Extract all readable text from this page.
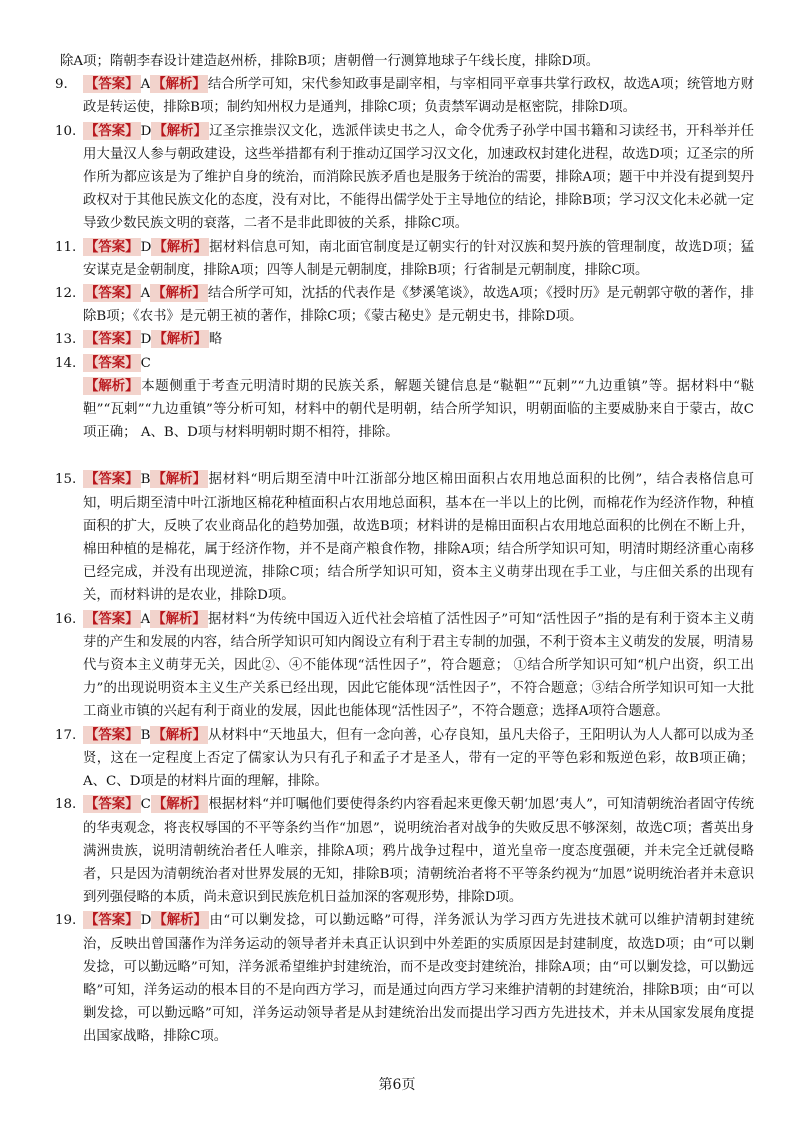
除A项；隋朝李春设计建造赵州桥，排除B项；唐朝僧一行测算地球子午线长度，排除D项。
9. 【答案】 A 【解析】 结合所学可知，宋代参知政事是副宰相，与宰相同平章事共掌行政权，故选A项；统管地方财政是转运使，排除B项；制约知州权力是通判，排除C项；负责禁军调动是枢密院，排除D项。
10. 【答案】 D 【解析】 辽圣宗推崇汉文化，选派伴读史书之人，命令优秀子孙学中国书籍和习读经书，开科举并任用大量汉人参与朝政建设，这些举措都有利于推动辽国学习汉文化，加速政权封建化进程，故选D项；辽圣宗的所作所为都应该是为了维护自身的统治，而消除民族矛盾也是服务于统治的需要，排除A项；题干中并没有提到契丹政权对于其他民族文化的态度，没有对比，不能得出儒学处于主导地位的结论，排除B项；学习汉文化未必就一定导致少数民族文明的衰落，二者不是非此即彼的关系，排除C项。
11. 【答案】 D 【解析】 据材料信息可知，南北面官制度是辽朝实行的针对汉族和契丹族的管理制度，故选D项；猛安谋克是金朝制度，排除A项；四等人制是元朝制度，排除B项；行省制是元朝制度，排除C项。
12. 【答案】 A 【解析】 结合所学可知，沈括的代表作是《梦溪笔谈》，故选A项；《授时历》是元朝郭守敬的著作，排除B项；《农书》是元朝王祯的著作，排除C项；《蒙古秘史》是元朝史书，排除D项。
13. 【答案】 D 【解析】 略
14. 【答案】 C
【解析】 本题侧重于考查元明清时期的民族关系，解题关键信息是“鞑靼”“瓦剌”“九边重镇”等。据材料中“鞑靼”“瓦剌”“九边重镇”等分析可知，材料中的朝代是明朝，结合所学知识，明朝面临的主要威胁来自于蒙古，故C项正确； A、B、D项与材料明朝时期不相符，排除。
15. 【答案】 B 【解析】 据材料“明后期至清中叶江浙部分地区棉田面积占农用地总面积的比例”，结合表格信息可知，明后期至清中叶江浙地区棉花种植面积占农用地总面积，基本在一半以上的比例，而棉花作为经济作物，种植面积的扩大，反映了农业商品化的趋势加强，故选B项；材料讲的是棉田面积占农用地总面积的比例在不断上升，棉田种植的是棉花，属于经济作物，并不是商产粮食作物，排除A项；结合所学知识可知，明清时期经济重心南移已经完成，并没有出现逆流，排除C项；结合所学知识可知，资本主义萌芽出现在手工业，与庄佃关系的出现有关，而材料讲的是农业，排除D项。
16. 【答案】 A 【解析】 据材料“为传统中国迈入近代社会培植了活性因子”可知“活性因子”指的是有利于资本主义萌芽的产生和发展的内容，结合所学知识可知内阁设立有利于君主专制的加强，不利于资本主义萌发的发展，明清易代与资本主义萌芽无关，因此②、④不能体现“活性因子”，符合题意； ①结合所学知识可知“机户出资，织工出力”的出现说明资本主义生产关系已经出现，因此它能体现“活性因子”，不符合题意；③结合所学知识可知一大批工商业市镇的兴起有利于商业的发展，因此也能体现“活性因子”，不符合题意；选择A项符合题意。
17. 【答案】 B 【解析】 从材料中“天地虽大，但有一念向善，心存良知，虽凡夫俗子，王阳明认为人人都可以成为圣贤，这在一定程度上否定了儒家认为只有孔子和孟子才是圣人，带有一定的平等色彩和叛逆色彩，故B项正确； A、C、D项是的材料片面的理解，排除。
18. 【答案】 C 【解析】 根据材料“并叮嘱他们要使得条约内容看起来更像天朝‘加恩’夷人”，可知清朝统治者固守传统的华夷观念，将丧权辱国的不平等条约当作“加恩”，说明统治者对战争的失败反思不够深刻，故选C项；耆英出身满洲贵族，说明清朝统治者任人唯亲，排除A项；鸦片战争过程中，道光皇帝一度态度强硬，并未完全迁就侵略者，只是因为清朝统治者对世界发展的无知，排除B项；清朝统治者将不平等条约视为“加恩”说明统治者并未意识到列强侵略的本质，尚未意识到民族危机日益加深的客观形势，排除D项。
19. 【答案】 D 【解析】 由“可以剿发捻，可以勤远略”可得，洋务派认为学习西方先进技术就可以维护清朝封建统治，反映出曾国藩作为洋务运动的领导者并未真正认识到中外差距的实质原因是封建制度，故选D项；由“可以剿发捻，可以勤远略”可知，洋务派希望维护封建统治，而不是改变封建统治，排除A项；由“可以剿发捻，可以勤远略”可知，洋务运动的根本目的不是向西方学习，而是通过向西方学习来维护清朝的封建统治，排除B项；由“可以剿发捻，可以勤远略”可知，洋务运动领导者是从封建统治出发而提出学习西方先进技术，并未从国家发展角度提出国家战略，排除C项。
第6页
